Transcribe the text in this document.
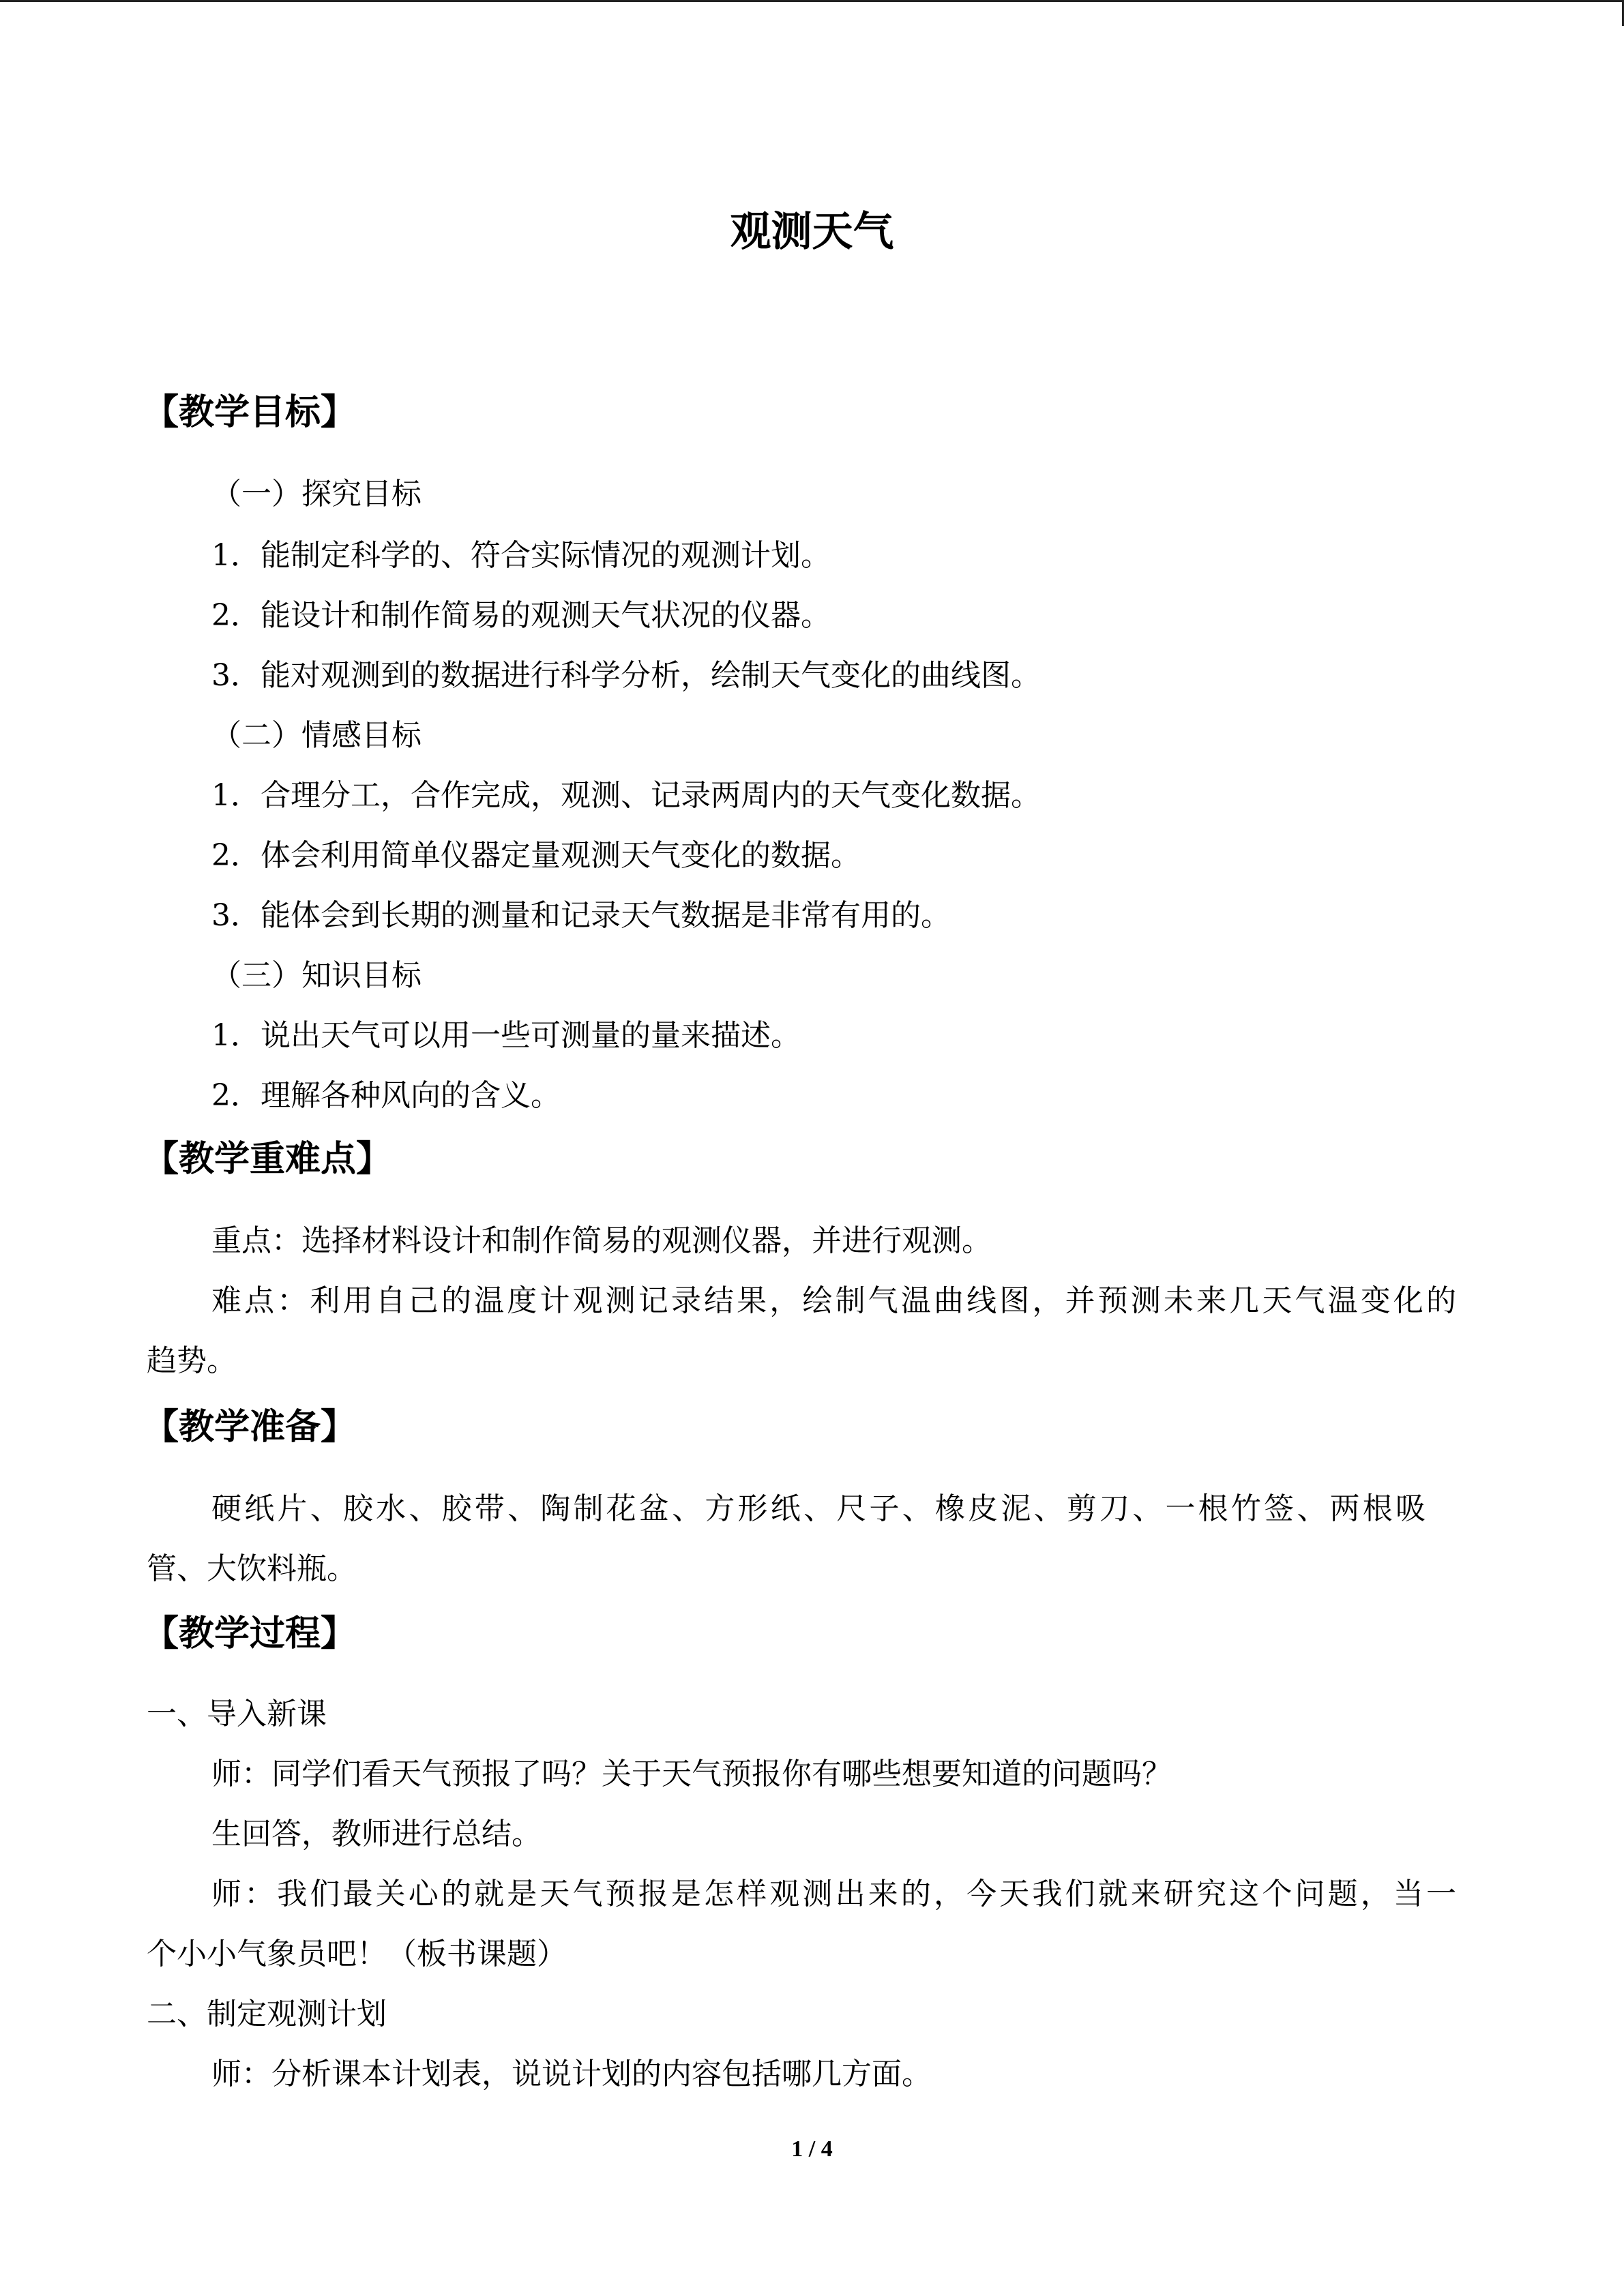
观测天气
【教学目标】
（一）探究目标
1．能制定科学的、符合实际情况的观测计划。
2．能设计和制作简易的观测天气状况的仪器。
3．能对观测到的数据进行科学分析，绘制天气变化的曲线图。
（二）情感目标
1．合理分工，合作完成，观测、记录两周内的天气变化数据。
2．体会利用简单仪器定量观测天气变化的数据。
3．能体会到长期的测量和记录天气数据是非常有用的。
（三）知识目标
1．说出天气可以用一些可测量的量来描述。
2．理解各种风向的含义。
【教学重难点】
重点：选择材料设计和制作简易的观测仪器，并进行观测。
难点：利用自己的温度计观测记录结果，绘制气温曲线图，并预测未来几天气温变化的
趋势。
【教学准备】
硬纸片、胶水、胶带、陶制花盆、方形纸、尺子、橡皮泥、剪刀、一根竹签、两根吸
管、大饮料瓶。
【教学过程】
一、导入新课
师：同学们看天气预报了吗？关于天气预报你有哪些想要知道的问题吗？
生回答，教师进行总结。
师：我们最关心的就是天气预报是怎样观测出来的，今天我们就来研究这个问题，当一
个小小气象员吧！（板书课题）
二、制定观测计划
师：分析课本计划表，说说计划的内容包括哪几方面。
1 / 4
